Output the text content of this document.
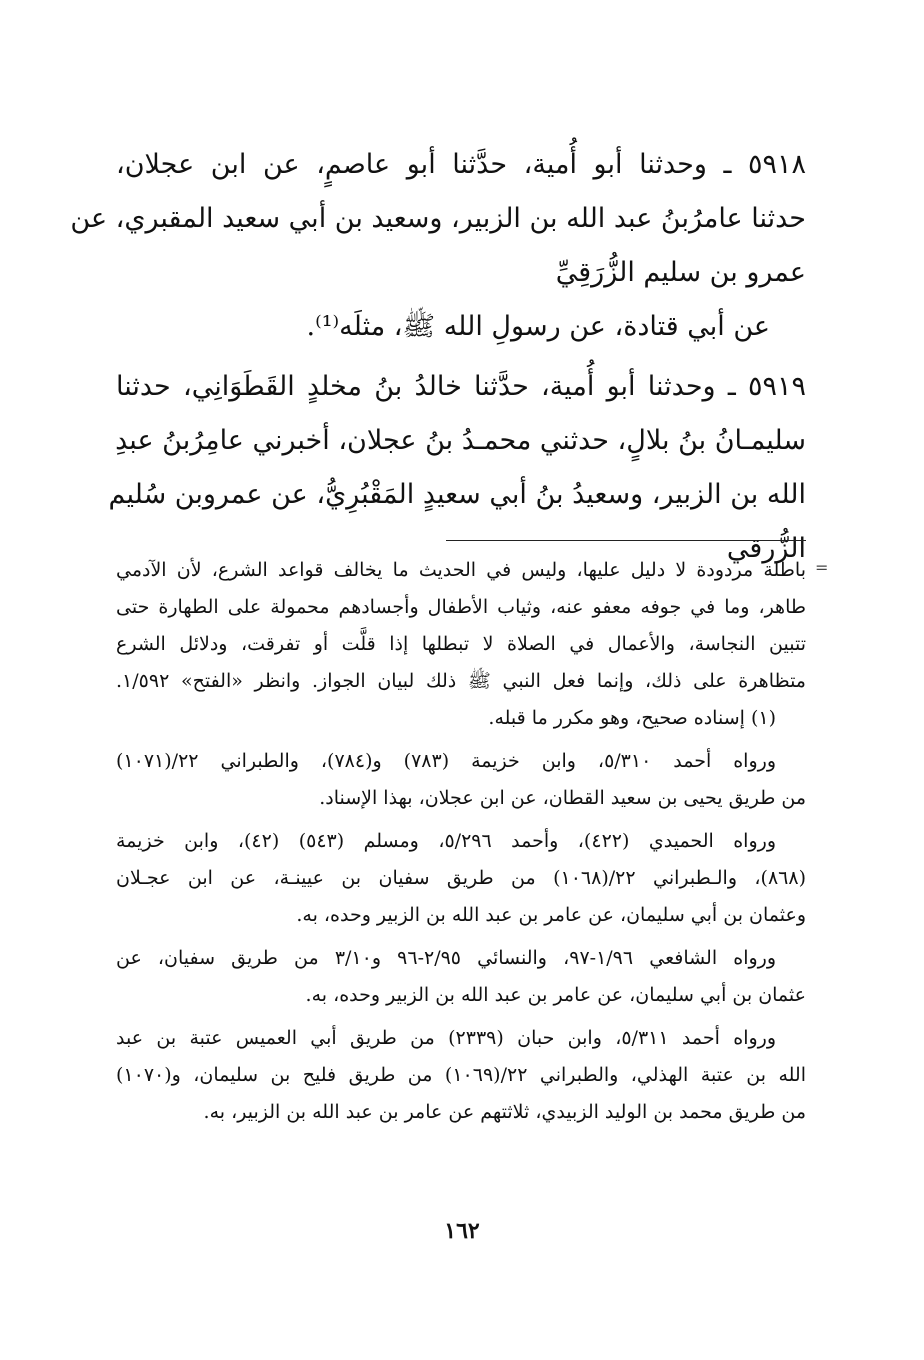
٥٩١٨ ـ وحدثنا أبو أُمية، حدَّثنا أبو عاصمٍ، عن ابن عجلان،
حدثنا عامرُبنُ عبد الله بن الزبير، وسعيد بن أبي سعيد المقبري، عن
عمرو بن سليم الزُّرَقِيِّ
عن أبي قتادة، عن رسولِ الله ﷺ، مثلَه⁽¹⁾.
٥٩١٩ ـ وحدثنا أبو أُمية، حدَّثنا خالدُ بنُ مخلدٍ القَطَوَانِي، حدثنا
سليمـانُ بنُ بلالٍ، حدثني محمـدُ بنُ عجلان، أخبرني عامِرُبنُ عبدِ
الله بن الزبير، وسعيدُ بنُ أبي سعيدٍ المَقْبُرِيُّ، عن عمروبن سُليم
الزُّرقي
=
باطلة مردودة لا دليل عليها، وليس في الحديث ما يخالف قواعد الشرع، لأن الآدمي
طاهر، وما في جوفه معفو عنه، وثياب الأطفال وأجسادهم محمولة على الطهارة حتى
تتبين النجاسة، والأعمال في الصلاة لا تبطلها إذا قلَّت أو تفرقت، ودلائل الشرع
متظاهرة على ذلك، وإنما فعل النبي ﷺ ذلك لبيان الجواز. وانظر «الفتح» ١/٥٩٢.
(١) إسناده صحيح، وهو مكرر ما قبله.
ورواه أحمد ٥/٣١٠، وابن خزيمة (٧٨٣) و(٧٨٤)، والطبراني ٢٢/(١٠٧١)
من طريق يحيى بن سعيد القطان، عن ابن عجلان، بهذا الإسناد.
ورواه الحميدي (٤٢٢)، وأحمد ٥/٢٩٦، ومسلم (٥٤٣) (٤٢)، وابن خزيمة
(٨٦٨)، والـطبراني ٢٢/(١٠٦٨) من طريق سفيان بن عيينـة، عن ابن عجـلان
وعثمان بن أبي سليمان، عن عامر بن عبد الله بن الزبير وحده، به.
ورواه الشافعي ١/٩٦-٩٧، والنسائي ٢/٩٥-٩٦ و٣/١٠ من طريق سفيان، عن
عثمان بن أبي سليمان، عن عامر بن عبد الله بن الزبير وحده، به.
ورواه أحمد ٥/٣١١، وابن حبان (٢٣٣٩) من طريق أبي العميس عتبة بن عبد
الله بن عتبة الهذلي، والطبراني ٢٢/(١٠٦٩) من طريق فليح بن سليمان، و(١٠٧٠)
من طريق محمد بن الوليد الزبيدي، ثلاثتهم عن عامر بن عبد الله بن الزبير، به.
١٦٢
